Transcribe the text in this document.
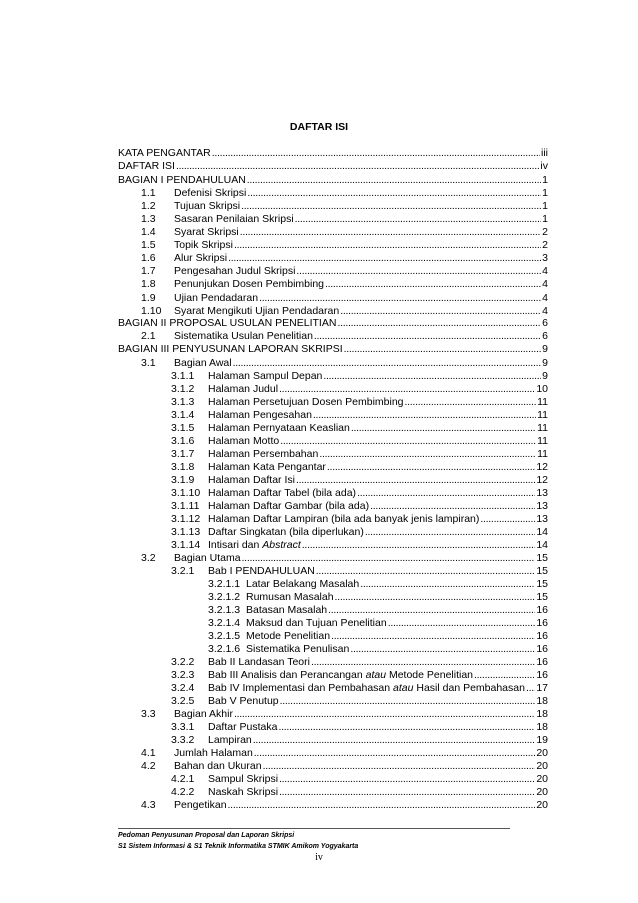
DAFTAR ISI
KATA PENGANTAR	iii
. . .
DAFTAR ISI	iv
. . .
BAGIAN I PENDAHULUAN	1
. . .
1.1 Defenisi Skripsi	1
. . .
1.2 Tujuan Skripsi	1
. . .
1.3 Sasaran Penilaian Skripsi	1
. . .
1.4 Syarat Skripsi	2
. . .
1.5 Topik Skripsi	2
. . .
1.6 Alur Skripsi	3
. . .
1.7 Pengesahan Judul Skripsi	4
. . .
1.8 Penunjukan Dosen Pembimbing	4
. . .
1.9 Ujian Pendadaran	4
. . .
1.10 Syarat Mengikuti Ujian Pendadaran	4
. . .
BAGIAN II PROPOSAL USULAN PENELITIAN	6
. . .
2.1 Sistematika Usulan Penelitian	6
. . .
BAGIAN III PENYUSUNAN LAPORAN SKRIPSI	9
. . .
3.1 Bagian Awal	9
. . .
3.1.1 Halaman Sampul Depan	9
. . .
3.1.2 Halaman Judul	10
. . .
3.1.3 Halaman Persetujuan Dosen Pembimbing	11
. . .
3.1.4 Halaman Pengesahan	11
. . .
3.1.5 Halaman Pernyataan Keaslian	11
. . .
3.1.6 Halaman Motto	11
. . .
3.1.7 Halaman Persembahan	11
. . .
3.1.8 Halaman Kata Pengantar	12
. . .
3.1.9 Halaman Daftar Isi	12
. . .
3.1.10 Halaman Daftar Tabel (bila ada)	13
. . .
3.1.11 Halaman Daftar Gambar (bila ada)	13
. . .
3.1.12 Halaman Daftar Lampiran (bila ada banyak jenis lampiran)	13
. . .
3.1.13 Daftar Singkatan (bila diperlukan)	14
. . .
3.1.14 Intisari dan Abstract	14
. . .
3.2 Bagian Utama	15
. . .
3.2.1 Bab I PENDAHULUAN	15
. . .
3.2.1.1 Latar Belakang Masalah	15
. . .
3.2.1.2 Rumusan Masalah	15
. . .
3.2.1.3 Batasan Masalah	16
. . .
3.2.1.4 Maksud dan Tujuan Penelitian	16
. . .
3.2.1.5 Metode Penelitian	16
. . .
3.2.1.6 Sistematika Penulisan	16
. . .
3.2.2 Bab II Landasan Teori	16
. . .
3.2.3 Bab III Analisis dan Perancangan atau Metode Penelitian	16
. . .
3.2.4 Bab IV Implementasi dan Pembahasan atau Hasil dan Pembahasan 17
. . .
3.2.5 Bab V Penutup	18
. . .
3.3 Bagian Akhir	18
. . .
3.3.1 Daftar Pustaka	18
. . .
3.3.2 Lampiran	19
. . .
4.1 Jumlah Halaman	20
. . .
4.2 Bahan dan Ukuran	20
. . .
4.2.1 Sampul Skripsi	20
. . .
4.2.2 Naskah Skripsi	20
. . .
4.3 Pengetikan	20
. . .
Pedoman Penyusunan Proposal dan Laporan Skripsi
S1 Sistem Informasi & S1 Teknik Informatika STMIK Amikom Yogyakarta
iv
